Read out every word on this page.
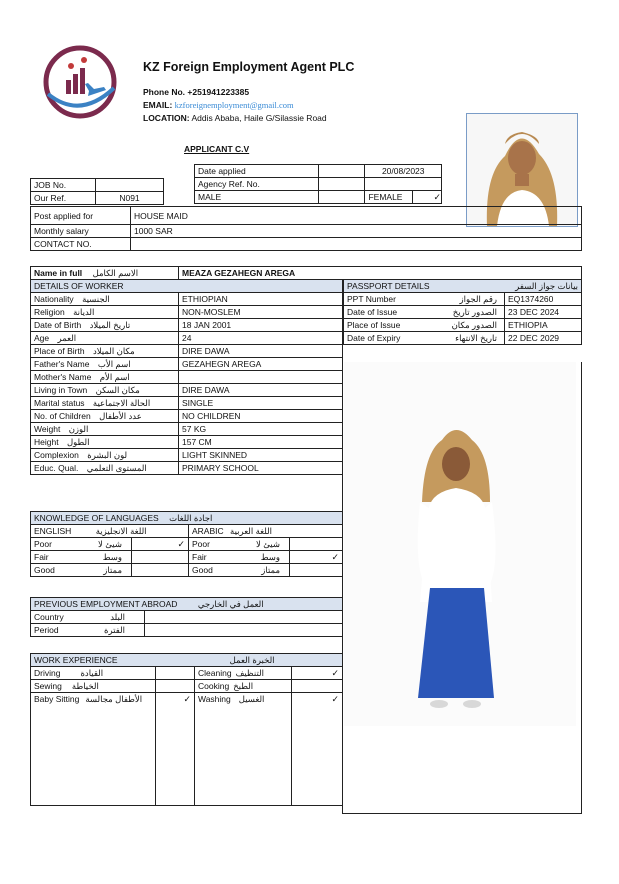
KZ Foreign Employment Agent PLC
Phone No. +251941223385
EMAIL: kzforeignemployment@gmail.com
LOCATION: Addis Ababa, Haile G/Silassie Road
APPLICANT C.V
Date applied		20/08/2023
Agency Ref. No.		
MALE		FEMALE ✓
JOB No.	
Our Ref.	N091
Post applied for	HOUSE MAID
Monthly salary	1000 SAR
CONTACT NO.	
Name in full الاسم الكامل	MEAZA GEZAHEGN AREGA
DETAILS OF WORKER	
Nationality الجنسية	ETHIOPIAN
Religion الديانة	NON-MOSLEM
Date of Birth تاريخ الميلاد	18 JAN 2001
Age العمر	24
Place of Birth مكان الميلاد	DIRE DAWA
Father's Name اسم الأب	GEZAHEGN AREGA
Mother's Name اسم الأم	
Living in Town مكان السكن	DIRE DAWA
Marital status الحالة الاجتماعية	SINGLE
No. of Children عدد الأطفال	NO CHILDREN
Weight الوزن	57 KG
Height الطول	157 CM
Complexion لون البشرة	LIGHT SKINNED
Educ. Qual. المستوى التعلمي	PRIMARY SCHOOL
PASSPORT DETAILS بيانات جواز السفر	

PPT Number رقم الجواز	EQ1374260
Date of Issue الصدور تاريخ	23 DEC 2024
Place of Issue الصدور مكان	ETHIOPIA
Date of Expiry تاريخ الانتهاء	22 DEC 2029
KNOWLEDGE OF LANGUAGES اجادة اللغات			
ENGLISH اللغة الانجليزية		ARABIC اللغة العربية	
Poor شيئ لا	✓	Poor شيئ لا	

Fair وسط		Fair وسط	✓
Good ممتاز		Good ممتاز	

PREVIOUS EMPLOYMENT ABROAD العمل في الخارجي	
Country البلد	

Period الفترة	

WORK EXPERIENCE الخبرة العمل			
Driving القيادة		Cleaning التنظيف	✓
Sewing الخياطة		Cooking الطبخ	
Baby Sitting الأطفال مجالسة	✓	Washing الغسيل	✓
